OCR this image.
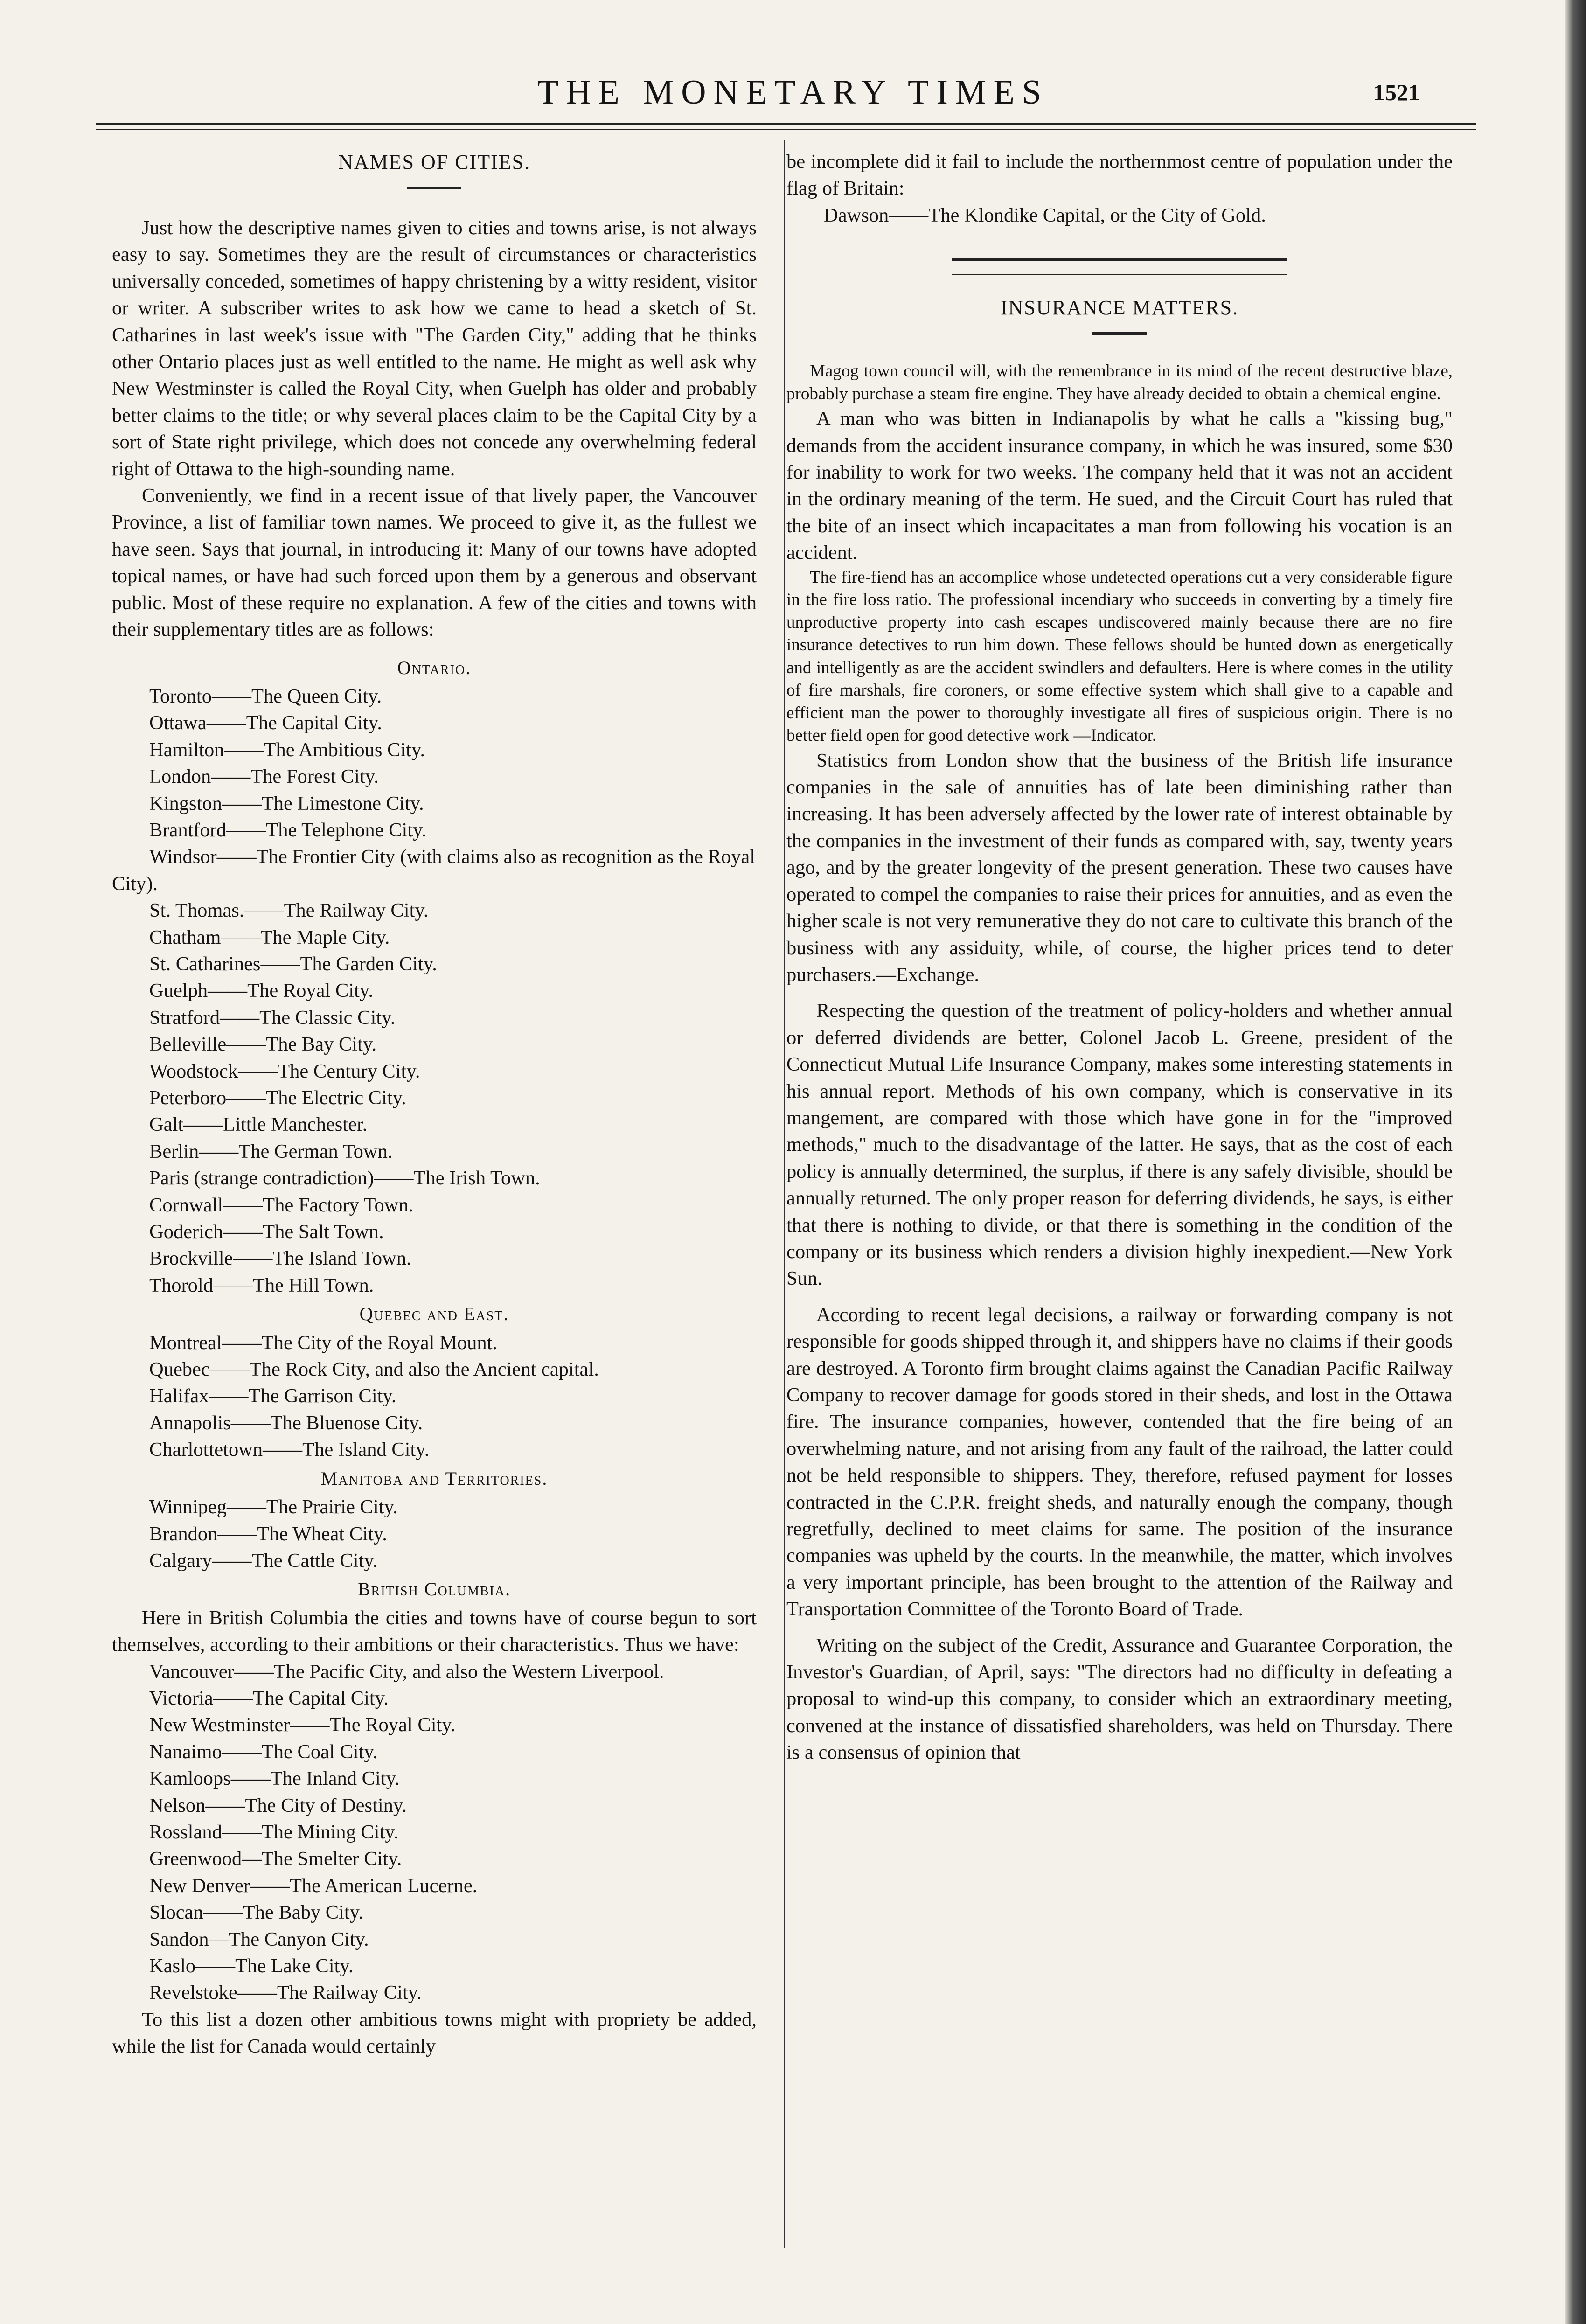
THE MONETARY TIMES	1521
NAMES OF CITIES.

Just how the descriptive names given to cities and towns arise, is not always easy to say. Sometimes they are the result of circumstances or characteristics universally conceded, sometimes of happy christening by a witty resident, visitor or writer. A subscriber writes to ask how we came to head a sketch of St. Catharines in last week's issue with "The Garden City," adding that he thinks other Ontario places just as well entitled to the name. He might as well ask why New Westminster is called the Royal City, when Guelph has older and probably better claims to the title; or why several places claim to be the Capital City by a sort of State right privilege, which does not concede any overwhelming federal right of Ottawa to the high-sounding name.

Conveniently, we find in a recent issue of that lively paper, the Vancouver Province, a list of familiar town names. We proceed to give it, as the fullest we have seen. Says that journal, in introducing it: Many of our towns have adopted topical names, or have had such forced upon them by a generous and observant public. Most of these require no explanation. A few of the cities and towns with their supplementary titles are as follows:

Ontario.
Toronto——The Queen City.
Ottawa——The Capital City.
Hamilton——The Ambitious City.
London——The Forest City.
Kingston——The Limestone City.
Brantford——The Telephone City.
Windsor——The Frontier City (with claims also as recognition as the Royal City).
St. Thomas.——The Railway City.
Chatham——The Maple City.
St. Catharines——The Garden City.
Guelph——The Royal City.
Stratford——The Classic City.
Belleville——The Bay City.
Woodstock——The Century City.
Peterboro——The Electric City.
Galt——Little Manchester.
Berlin——The German Town.
Paris (strange contradiction)——The Irish Town.
Cornwall——The Factory Town.
Goderich——The Salt Town.
Brockville——The Island Town.
Thorold——The Hill Town.
Quebec and East.
Montreal——The City of the Royal Mount.
Quebec——The Rock City, and also the Ancient capital.
Halifax——The Garrison City.
Annapolis——The Bluenose City.
Charlottetown——The Island City.
Manitoba and Territories.
Winnipeg——The Prairie City.
Brandon——The Wheat City.
Calgary——The Cattle City.
British Columbia.

Here in British Columbia the cities and towns have of course begun to sort themselves, according to their ambitions or their characteristics. Thus we have:

Vancouver——The Pacific City, and also the Western Liverpool.
Victoria——The Capital City.
New Westminster——The Royal City.
Nanaimo——The Coal City.
Kamloops——The Inland City.
Nelson——The City of Destiny.
Rossland——The Mining City.
Greenwood—The Smelter City.
New Denver——The American Lucerne.
Slocan——The Baby City.
Sandon—The Canyon City.
Kaslo——The Lake City.
Revelstoke——The Railway City.

To this list a dozen other ambitious towns might with propriety be added, while the list for Canada would certainly

be incomplete did it fail to include the northernmost centre of population under the flag of Britain:

Dawson——The Klondike Capital, or the City of Gold.
INSURANCE MATTERS.

Magog town council will, with the remembrance in its mind of the recent destructive blaze, probably purchase a steam fire engine. They have already decided to obtain a chemical engine.

A man who was bitten in Indianapolis by what he calls a "kissing bug," demands from the accident insurance company, in which he was insured, some $30 for inability to work for two weeks. The company held that it was not an accident in the ordinary meaning of the term. He sued, and the Circuit Court has ruled that the bite of an insect which incapacitates a man from following his vocation is an accident.

The fire-fiend has an accomplice whose undetected operations cut a very considerable figure in the fire loss ratio. The professional incendiary who succeeds in converting by a timely fire unproductive property into cash escapes undiscovered mainly because there are no fire insurance detectives to run him down. These fellows should be hunted down as energetically and intelligently as are the accident swindlers and defaulters. Here is where comes in the utility of fire marshals, fire coroners, or some effective system which shall give to a capable and efficient man the power to thoroughly investigate all fires of suspicious origin. There is no better field open for good detective work —Indicator.

Statistics from London show that the business of the British life insurance companies in the sale of annuities has of late been diminishing rather than increasing. It has been adversely affected by the lower rate of interest obtainable by the companies in the investment of their funds as compared with, say, twenty years ago, and by the greater longevity of the present generation. These two causes have operated to compel the companies to raise their prices for annuities, and as even the higher scale is not very remunerative they do not care to cultivate this branch of the business with any assiduity, while, of course, the higher prices tend to deter purchasers.—Exchange.

Respecting the question of the treatment of policy-holders and whether annual or deferred dividends are better, Colonel Jacob L. Greene, president of the Connecticut Mutual Life Insurance Company, makes some interesting statements in his annual report. Methods of his own company, which is conservative in its mangement, are compared with those which have gone in for the "improved methods," much to the disadvantage of the latter. He says, that as the cost of each policy is annually determined, the surplus, if there is any safely divisible, should be annually returned. The only proper reason for deferring dividends, he says, is either that there is nothing to divide, or that there is something in the condition of the company or its business which renders a division highly inexpedient.—New York Sun.

According to recent legal decisions, a railway or forwarding company is not responsible for goods shipped through it, and shippers have no claims if their goods are destroyed. A Toronto firm brought claims against the Canadian Pacific Railway Company to recover damage for goods stored in their sheds, and lost in the Ottawa fire. The insurance companies, however, contended that the fire being of an overwhelming nature, and not arising from any fault of the railroad, the latter could not be held responsible to shippers. They, therefore, refused payment for losses contracted in the C.P.R. freight sheds, and naturally enough the company, though regretfully, declined to meet claims for same. The position of the insurance companies was upheld by the courts. In the meanwhile, the matter, which involves a very important principle, has been brought to the attention of the Railway and Transportation Committee of the Toronto Board of Trade.

Writing on the subject of the Credit, Assurance and Guarantee Corporation, the Investor's Guardian, of April, says: "The directors had no difficulty in defeating a proposal to wind-up this company, to consider which an extraordinary meeting, convened at the instance of dissatisfied shareholders, was held on Thursday. There is a consensus of opinion that
